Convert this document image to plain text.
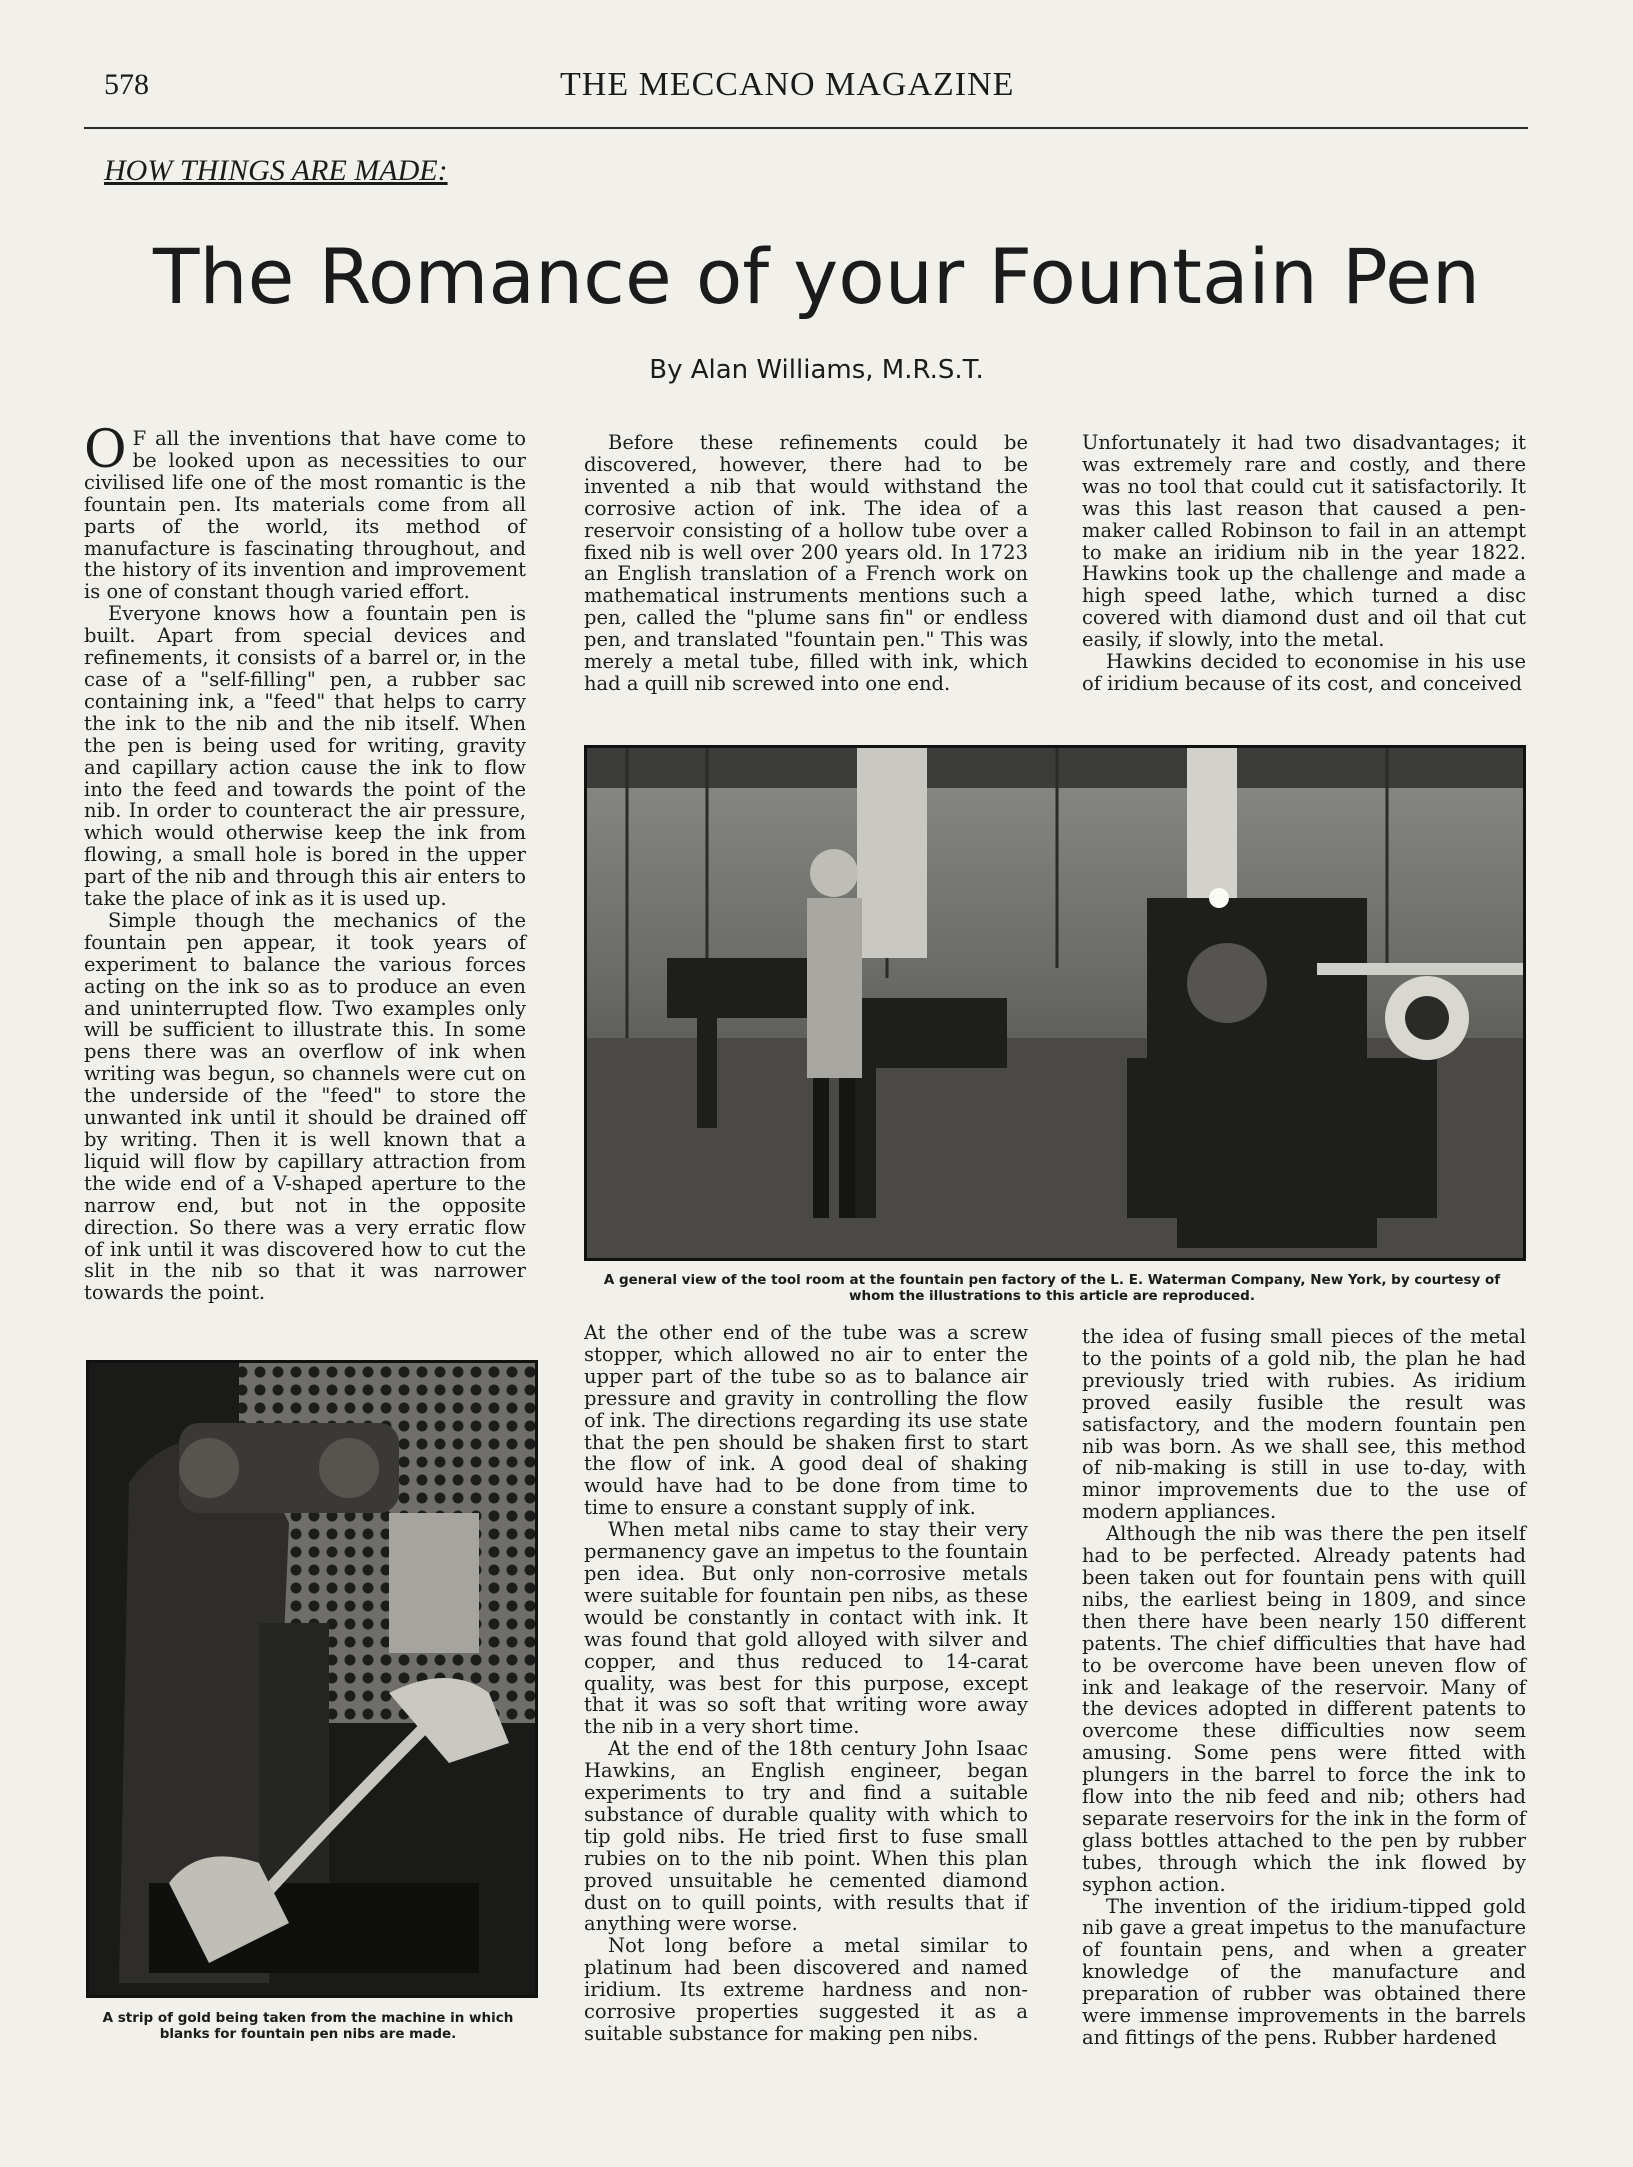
578	THE MECCANO MAGAZINE
HOW THINGS ARE MADE:
The Romance of your Fountain Pen
By Alan Williams, M.R.S.T.

O F all the inventions that have come to be looked upon as necessities to our civilised life one of the most romantic is the fountain pen. Its materials come from all parts of the world, its method of manufacture is fascinating throughout, and the history of its invention and improvement is one of constant though varied effort.

Everyone knows how a fountain pen is built. Apart from special devices and refinements, it consists of a barrel or, in the case of a "self-filling" pen, a rubber sac containing ink, a "feed" that helps to carry the ink to the nib and the nib itself. When the pen is being used for writing, gravity and capillary action cause the ink to flow into the feed and towards the point of the nib. In order to counteract the air pressure, which would otherwise keep the ink from flowing, a small hole is bored in the upper part of the nib and through this air enters to take the place of ink as it is used up.

Simple though the mechanics of the fountain pen appear, it took years of experiment to balance the various forces acting on the ink so as to produce an even and uninterrupted flow. Two examples only will be sufficient to illustrate this. In some pens there was an overflow of ink when writing was begun, so channels were cut on the underside of the "feed" to store the unwanted ink until it should be drained off by writing. Then it is well known that a liquid will flow by capillary attraction from the wide end of a V-shaped aperture to the narrow end, but not in the opposite direction. So there was a very erratic flow of ink until it was discovered how to cut the slit in the nib so that it was narrower towards the point.

Before these refinements could be discovered, however, there had to be invented a nib that would withstand the corrosive action of ink. The idea of a reservoir consisting of a hollow tube over a fixed nib is well over 200 years old. In 1723 an English translation of a French work on mathematical instruments mentions such a pen, called the "plume sans fin" or endless pen, and translated "fountain pen." This was merely a metal tube, filled with ink, which had a quill nib screwed into one end.

Unfortunately it had two disadvantages; it was extremely rare and costly, and there was no tool that could cut it satisfactorily. It was this last reason that caused a pen-maker called Robinson to fail in an attempt to make an iridium nib in the year 1822. Hawkins took up the challenge and made a high speed lathe, which turned a disc covered with diamond dust and oil that cut easily, if slowly, into the metal.

Hawkins decided to economise in his use of iridium because of its cost, and conceived

A general view of the tool room at the fountain pen factory of the L. E. Waterman Company, New York, by courtesy of whom the illustrations to this article are reproduced.
A strip of gold being taken from the machine in which blanks for fountain pen nibs are made.

At the other end of the tube was a screw stopper, which allowed no air to enter the upper part of the tube so as to balance air pressure and gravity in controlling the flow of ink. The directions regarding its use state that the pen should be shaken first to start the flow of ink. A good deal of shaking would have had to be done from time to time to ensure a constant supply of ink.

When metal nibs came to stay their very permanency gave an impetus to the fountain pen idea. But only non-corrosive metals were suitable for fountain pen nibs, as these would be constantly in contact with ink. It was found that gold alloyed with silver and copper, and thus reduced to 14-carat quality, was best for this purpose, except that it was so soft that writing wore away the nib in a very short time.

At the end of the 18th century John Isaac Hawkins, an English engineer, began experiments to try and find a suitable substance of durable quality with which to tip gold nibs. He tried first to fuse small rubies on to the nib point. When this plan proved unsuitable he cemented diamond dust on to quill points, with results that if anything were worse.

Not long before a metal similar to platinum had been discovered and named iridium. Its extreme hardness and non-corrosive properties suggested it as a suitable substance for making pen nibs.

the idea of fusing small pieces of the metal to the points of a gold nib, the plan he had previously tried with rubies. As iridium proved easily fusible the result was satisfactory, and the modern fountain pen nib was born. As we shall see, this method of nib-making is still in use to-day, with minor improvements due to the use of modern appliances.

Although the nib was there the pen itself had to be perfected. Already patents had been taken out for fountain pens with quill nibs, the earliest being in 1809, and since then there have been nearly 150 different patents. The chief difficulties that have had to be overcome have been uneven flow of ink and leakage of the reservoir. Many of the devices adopted in different patents to overcome these difficulties now seem amusing. Some pens were fitted with plungers in the barrel to force the ink to flow into the nib feed and nib; others had separate reservoirs for the ink in the form of glass bottles attached to the pen by rubber tubes, through which the ink flowed by syphon action.

The invention of the iridium-tipped gold nib gave a great impetus to the manufacture of fountain pens, and when a greater knowledge of the manufacture and preparation of rubber was obtained there were immense improvements in the barrels and fittings of the pens. Rubber hardened
